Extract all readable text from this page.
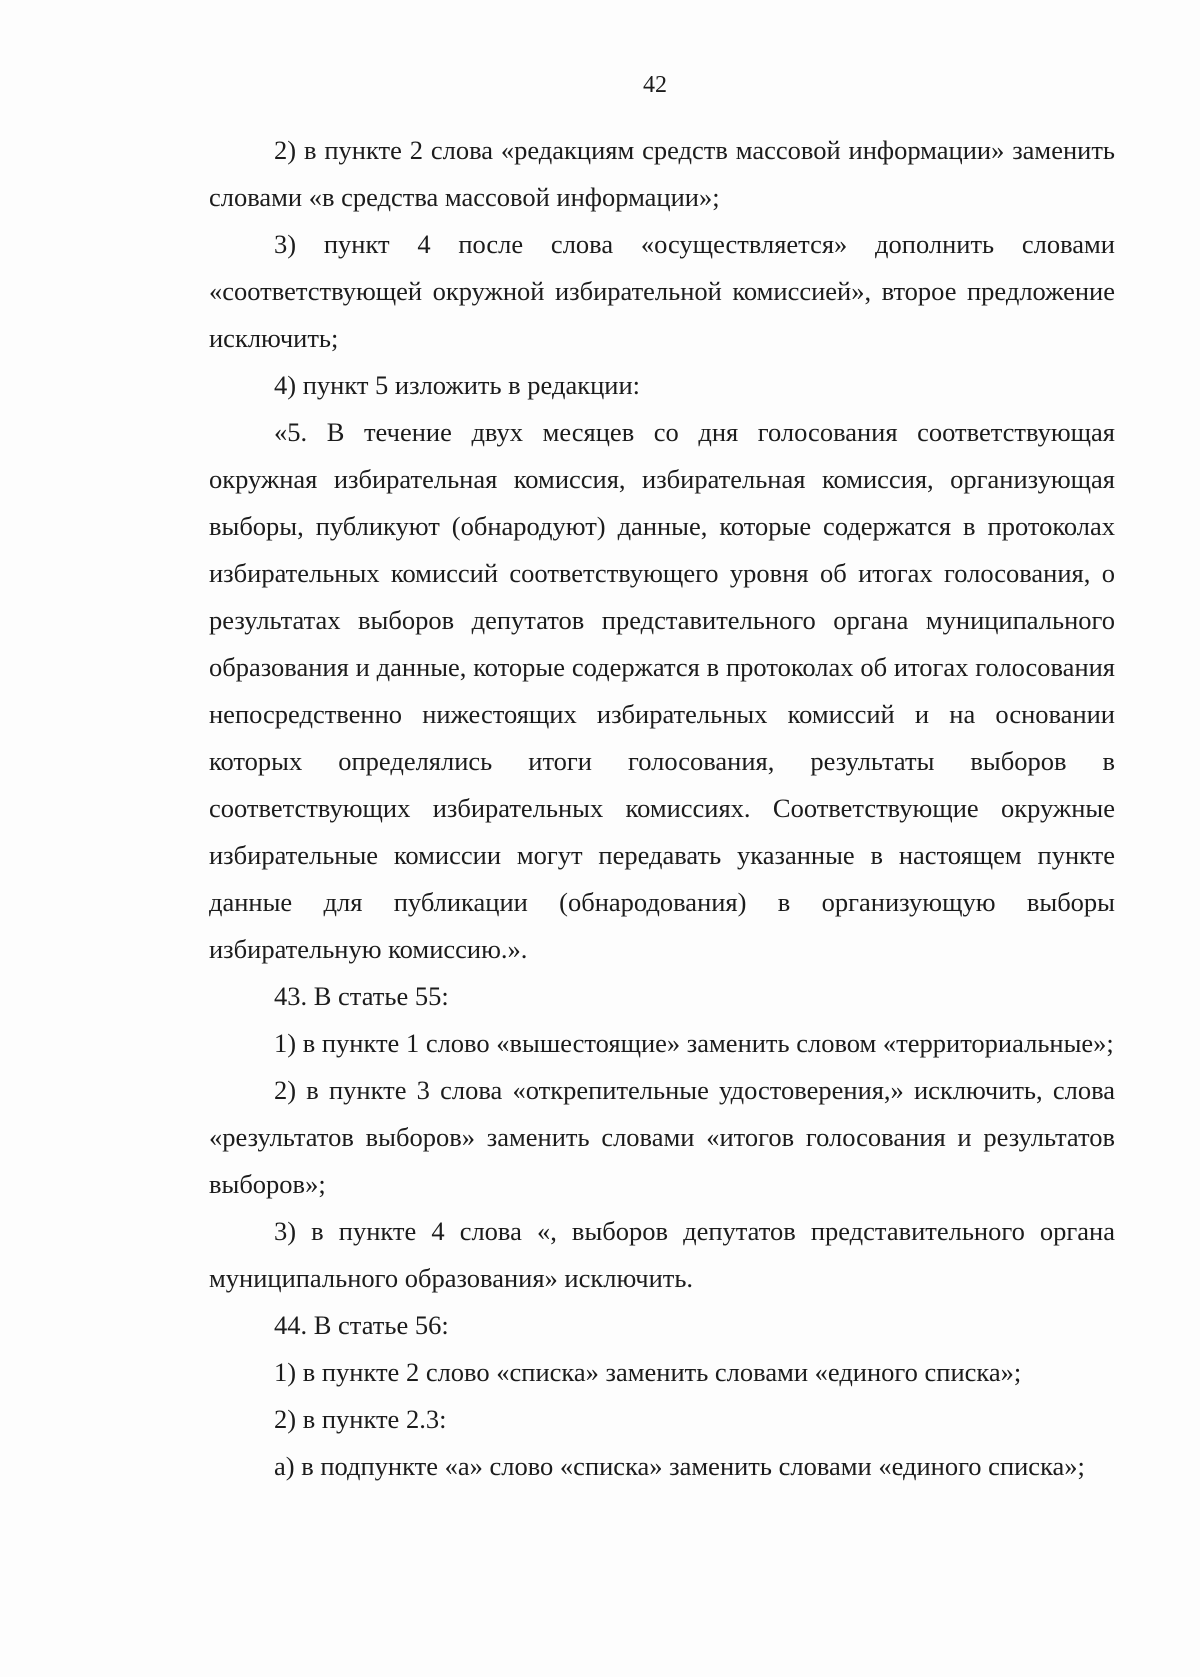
42

2) в пункте 2 слова «редакциям средств массовой информации» заменить словами «в средства массовой информации»;

3) пункт 4 после слова «осуществляется» дополнить словами «соответствующей окружной избирательной комиссией», второе предложение исключить;

4) пункт 5 изложить в редакции:

«5. В течение двух месяцев со дня голосования соответствующая окружная избирательная комиссия, избирательная комиссия, организующая выборы, публикуют (обнародуют) данные, которые содержатся в протоколах избирательных комиссий соответствующего уровня об итогах голосования, о результатах выборов депутатов представительного органа муниципального образования и данные, которые содержатся в протоколах об итогах голосования непосредственно нижестоящих избирательных комиссий и на основании которых определялись итоги голосования, результаты выборов в соответствующих избирательных комиссиях. Соответствующие окружные избирательные комиссии могут передавать указанные в настоящем пункте данные для публикации (обнародования) в организующую выборы избирательную комиссию.».

43. В статье 55:

1) в пункте 1 слово «вышестоящие» заменить словом «территориальные»;

2) в пункте 3 слова «открепительные удостоверения,» исключить, слова «результатов выборов» заменить словами «итогов голосования и результатов выборов»;

3) в пункте 4 слова «, выборов депутатов представительного органа муниципального образования» исключить.

44. В статье 56:

1) в пункте 2 слово «списка» заменить словами «единого списка»;

2) в пункте 2.3:

а) в подпункте «а» слово «списка» заменить словами «единого списка»;
